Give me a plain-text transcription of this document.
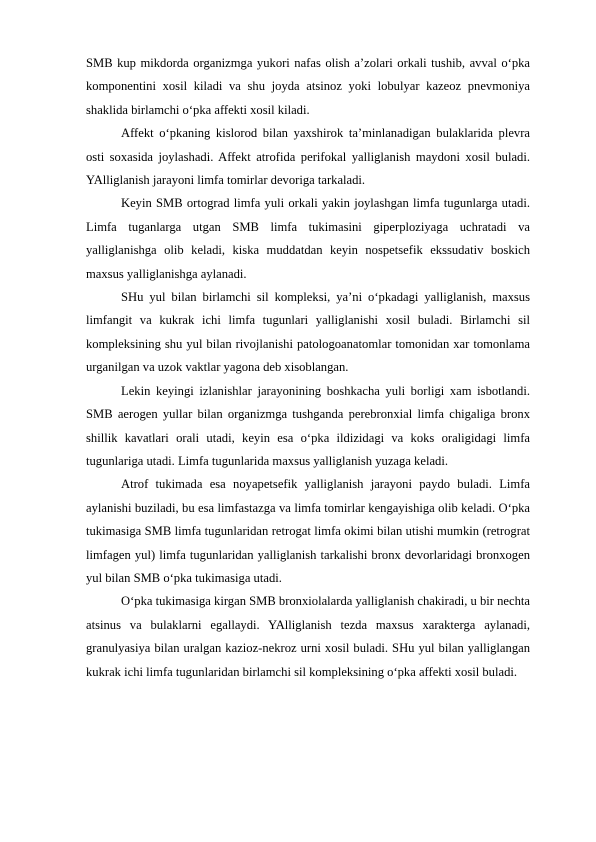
SMB kup mikdorda organizmga yukori nafas olish a’zolari orkali tushib, avval o‘pka komponentini xosil kiladi va shu joyda atsinoz yoki lobulyar kazeoz pnevmoniya shaklida birlamchi o‘pka affekti xosil kiladi.

Affekt o‘pkaning kislorod bilan yaxshirok ta’minlanadigan bulaklarida plevra osti soxasida joylashadi. Affekt atrofida perifokal yalliglanish maydoni xosil buladi. YAlliglanish jarayoni limfa tomirlar devoriga tarkaladi.

Keyin SMB ortograd limfa yuli orkali yakin joylashgan limfa tugunlarga utadi. Limfa tuganlarga utgan SMB limfa tukimasini giperploziyaga uchratadi va yalliglanishga olib keladi, kiska muddatdan keyin nospetsefik ekssudativ boskich maxsus yalliglanishga aylanadi.

SHu yul bilan birlamchi sil kompleksi, ya’ni o‘pkadagi yalliglanish, maxsus limfangit va kukrak ichi limfa tugunlari yalliglanishi xosil buladi. Birlamchi sil kompleksining shu yul bilan rivojlanishi patologoanatomlar tomonidan xar tomonlama urganilgan va uzok vaktlar yagona deb xisoblangan.

Lekin keyingi izlanishlar jarayonining boshkacha yuli borligi xam isbotlandi. SMB aerogen yullar bilan organizmga tushganda perebronxial limfa chigaliga bronx shillik kavatlari orali utadi, keyin esa o‘pka ildizidagi va koks oraligidagi limfa tugunlariga utadi. Limfa tugunlarida maxsus yalliglanish yuzaga keladi.

Atrof tukimada esa noyapetsefik yalliglanish jarayoni paydo buladi. Limfa aylanishi buziladi, bu esa limfastazga va limfa tomirlar kengayishiga olib keladi. O‘pka tukimasiga SMB limfa tugunlaridan retrogat limfa okimi bilan utishi mumkin (retrograt limfagen yul) limfa tugunlaridan yalliglanish tarkalishi bronx devorlaridagi bronxogen yul bilan SMB o‘pka tukimasiga utadi.

O‘pka tukimasiga kirgan SMB bronxiolalarda yalliglanish chakiradi, u bir nechta atsinus va bulaklarni egallaydi. YAlliglanish tezda maxsus xarakterga aylanadi, granulyasiya bilan uralgan kazioz-nekroz urni xosil buladi. SHu yul bilan yalliglangan kukrak ichi limfa tugunlaridan birlamchi sil kompleksining o‘pka affekti xosil buladi.
